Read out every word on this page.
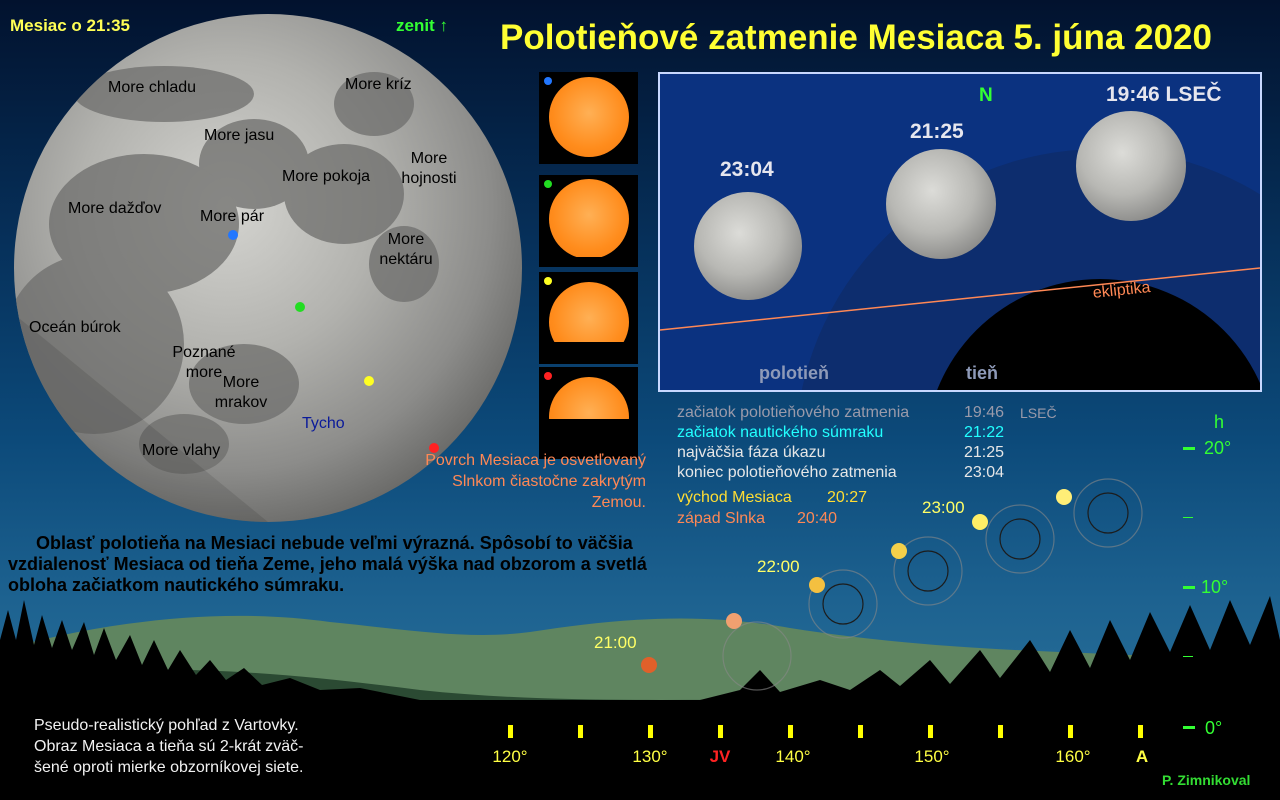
Polotieňové zatmenie Mesiaca 5. júna 2020
Mesiac o 21:35	zenit ↑
More chladu	More kríz
More jasu
More hojnosti
More pokoja
More dažďov More pár
More nektáru
Oceán búrok
Poznané more
More mrakov
Tycho
More vlahy
23:04
21:25
19:46 LSEČ
N
ekliptika
polotieň	tieň
začiatok polotieňového zatmenia	19:46 LSEČ
začiatok nautického súmraku	21:22
najväčšia fáza úkazu	21:25
koniec polotieňového zatmenia	23:04
východ Mesiaca 20:27
západ Slnka 20:40
Povrch Mesiaca je osvetľovaný Slnkom čiastočne zakrytým Zemou.
Oblasť polotieňa na Mesiaci nebude veľmi výrazná. Spôsobí to väčšia vzdialenosť Mesiaca od tieňa Zeme, jeho malá výška nad obzorom a svetlá obloha začiatkom nautického súmraku.
21:00
22:00
23:00
h
20°
10°
0°
120°	130°	JV	140°	150°	160°	A
Pseudo-realistický pohľad z Vartovky.
Obraz Mesiaca a tieňa sú 2-krát zväč-
šené oproti mierke obzorníkovej siete.
P. Zimnikoval
